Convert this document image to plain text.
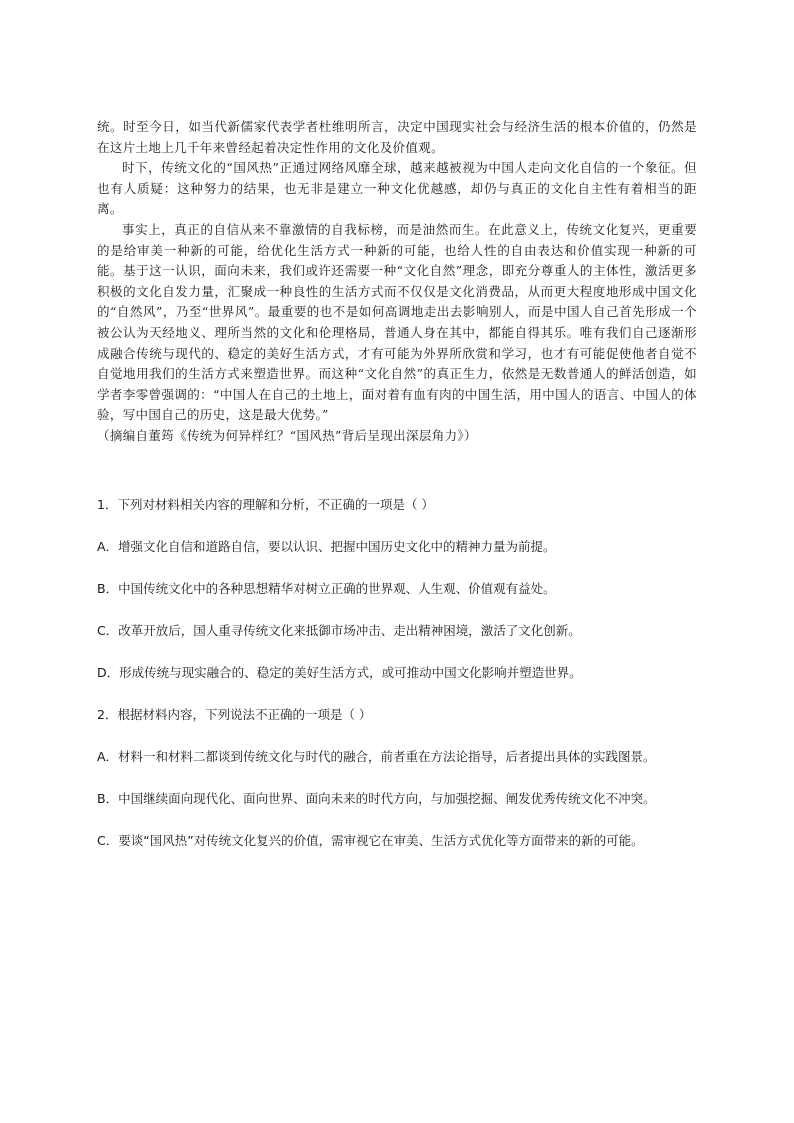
统。时至今日，如当代新儒家代表学者杜维明所言，决定中国现实社会与经济生活的根本价值的，仍然是在这片土地上几千年来曾经起着决定性作用的文化及价值观。

时下，传统文化的“国风热”正通过网络风靡全球，越来越被视为中国人走向文化自信的一个象征。但也有人质疑：这种努力的结果，也无非是建立一种文化优越感，却仍与真正的文化自主性有着相当的距离。

事实上，真正的自信从来不靠激情的自我标榜，而是油然而生。在此意义上，传统文化复兴，更重要的是给审美一种新的可能，给优化生活方式一种新的可能，也给人性的自由表达和价值实现一种新的可能。基于这一认识，面向未来，我们或许还需要一种“文化自然”理念，即充分尊重人的主体性，激活更多积极的文化自发力量，汇聚成一种良性的生活方式而不仅仅是文化消费品，从而更大程度地形成中国文化的“自然风”，乃至“世界风”。最重要的也不是如何高调地走出去影响别人，而是中国人自己首先形成一个被公认为天经地义、理所当然的文化和伦理格局，普通人身在其中，都能自得其乐。唯有我们自己逐渐形成融合传统与现代的、稳定的美好生活方式，才有可能为外界所欣赏和学习，也才有可能促使他者自觉不自觉地用我们的生活方式来塑造世界。而这种“文化自然”的真正生力，依然是无数普通人的鲜活创造，如学者李零曾强调的：“中国人在自己的土地上，面对着有血有肉的中国生活，用中国人的语言、中国人的体验，写中国自己的历史，这是最大优势。”

（摘编自董筠《传统为何异样红？“国风热”背后呈现出深层角力》）

1．下列对材料相关内容的理解和分析，不正确的一项是（ ）
A．增强文化自信和道路自信，要以认识、把握中国历史文化中的精神力量为前提。
B．中国传统文化中的各种思想精华对树立正确的世界观、人生观、价值观有益处。
C．改革开放后，国人重寻传统文化来抵御市场冲击、走出精神困境，激活了文化创新。
D．形成传统与现实融合的、稳定的美好生活方式，或可推动中国文化影响并塑造世界。
2．根据材料内容，下列说法不正确的一项是（ ）
A．材料一和材料二都谈到传统文化与时代的融合，前者重在方法论指导，后者提出具体的实践图景。
B．中国继续面向现代化、面向世界、面向未来的时代方向，与加强挖掘、阐发优秀传统文化不冲突。
C．要谈“国风热”对传统文化复兴的价值，需审视它在审美、生活方式优化等方面带来的新的可能。
